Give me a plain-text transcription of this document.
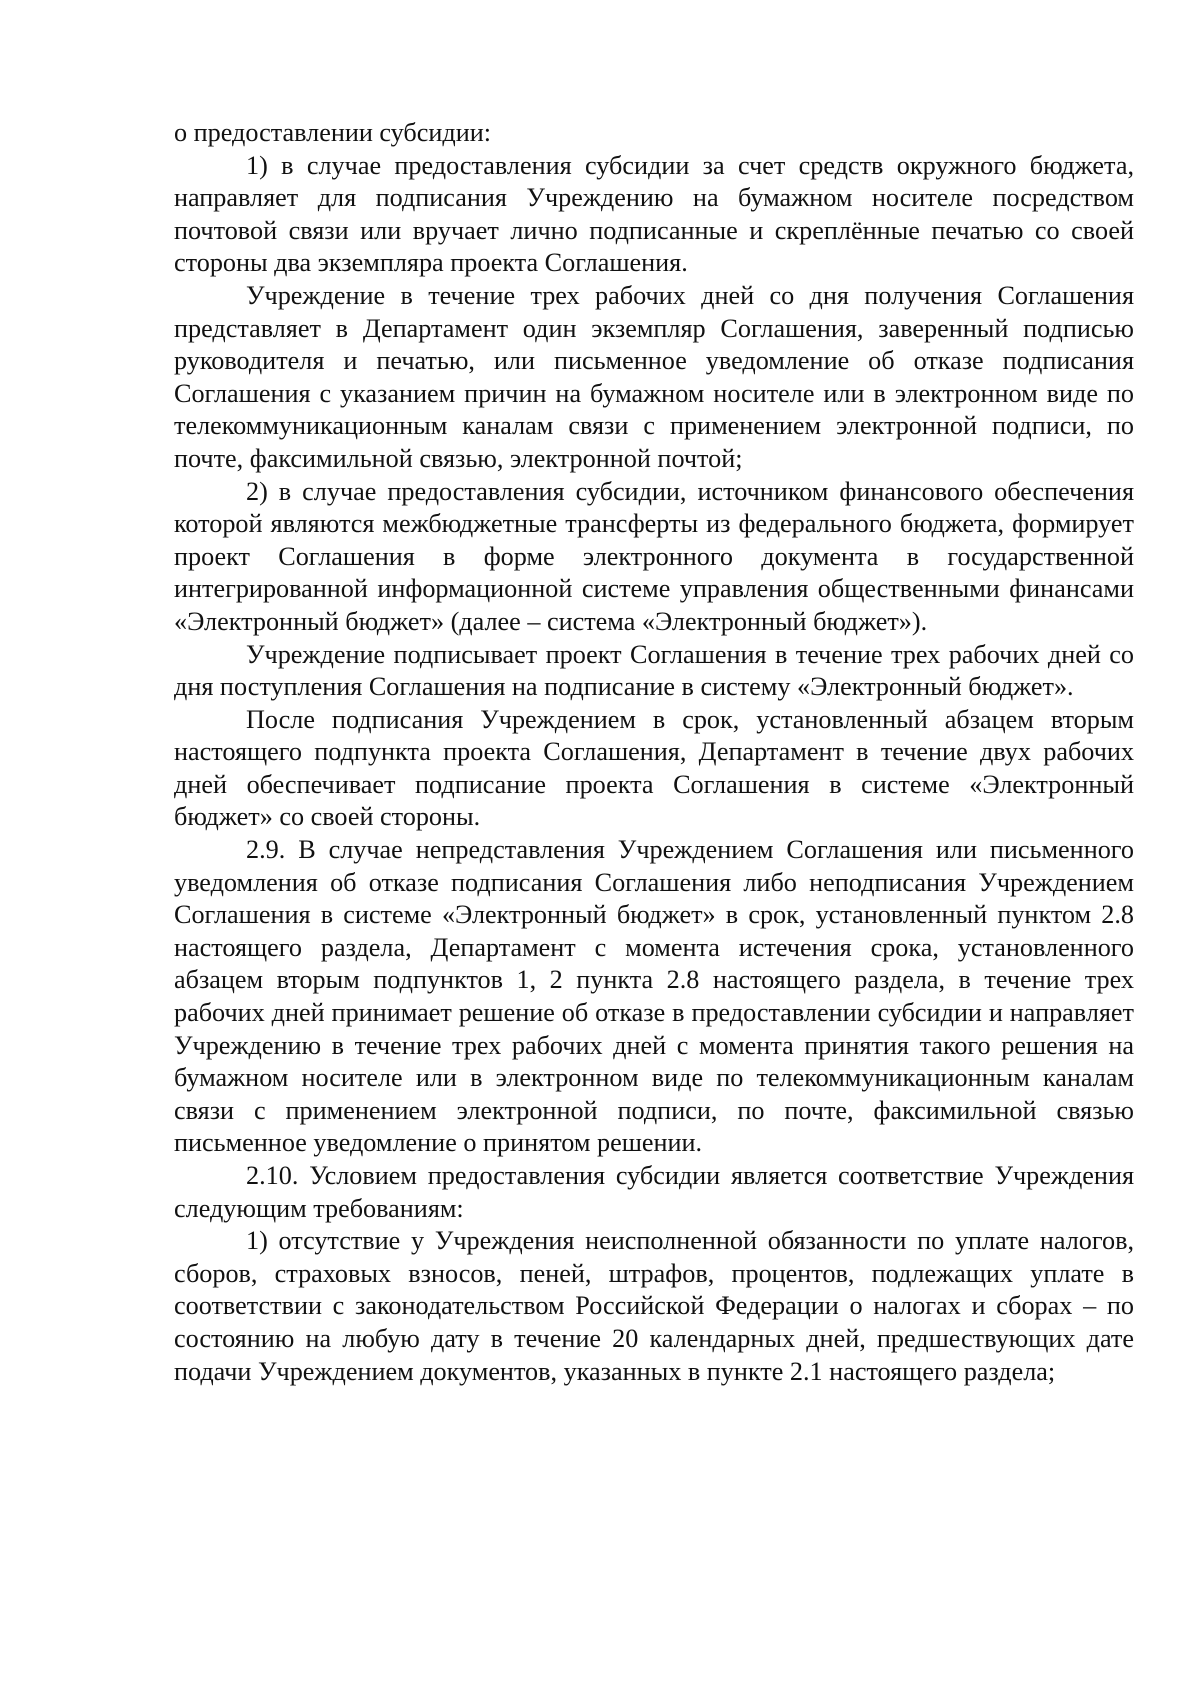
о предоставлении субсидии:

1) в случае предоставления субсидии за счет средств окружного бюджета, направляет для подписания Учреждению на бумажном носителе посредством почтовой связи или вручает лично подписанные и скреплённые печатью со своей стороны два экземпляра проекта Соглашения.

Учреждение в течение трех рабочих дней со дня получения Соглашения представляет в Департамент один экземпляр Соглашения, заверенный подписью руководителя и печатью, или письменное уведомление об отказе подписания Соглашения с указанием причин на бумажном носителе или в электронном виде по телекоммуникационным каналам связи с применением электронной подписи, по почте, факсимильной связью, электронной почтой;

2) в случае предоставления субсидии, источником финансового обеспечения которой являются межбюджетные трансферты из федерального бюджета, формирует проект Соглашения в форме электронного документа в государственной интегрированной информационной системе управления общественными финансами «Электронный бюджет» (далее – система «Электронный бюджет»).

Учреждение подписывает проект Соглашения в течение трех рабочих дней со дня поступления Соглашения на подписание в систему «Электронный бюджет».

После подписания Учреждением в срок, установленный абзацем вторым настоящего подпункта проекта Соглашения, Департамент в течение двух рабочих дней обеспечивает подписание проекта Соглашения в системе «Электронный бюджет» со своей стороны.

2.9. В случае непредставления Учреждением Соглашения или письменного уведомления об отказе подписания Соглашения либо неподписания Учреждением Соглашения в системе «Электронный бюджет» в срок, установленный пунктом 2.8 настоящего раздела, Департамент с момента истечения срока, установленного абзацем вторым подпунктов 1, 2 пункта 2.8 настоящего раздела, в течение трех рабочих дней принимает решение об отказе в предоставлении субсидии и направляет Учреждению в течение трех рабочих дней с момента принятия такого решения на бумажном носителе или в электронном виде по телекоммуникационным каналам связи с применением электронной подписи, по почте, факсимильной связью письменное уведомление о принятом решении.

2.10. Условием предоставления субсидии является соответствие Учреждения следующим требованиям:

1) отсутствие у Учреждения неисполненной обязанности по уплате налогов, сборов, страховых взносов, пеней, штрафов, процентов, подлежащих уплате в соответствии с законодательством Российской Федерации о налогах и сборах – по состоянию на любую дату в течение 20 календарных дней, предшествующих дате подачи Учреждением документов, указанных в пункте 2.1 настоящего раздела;
